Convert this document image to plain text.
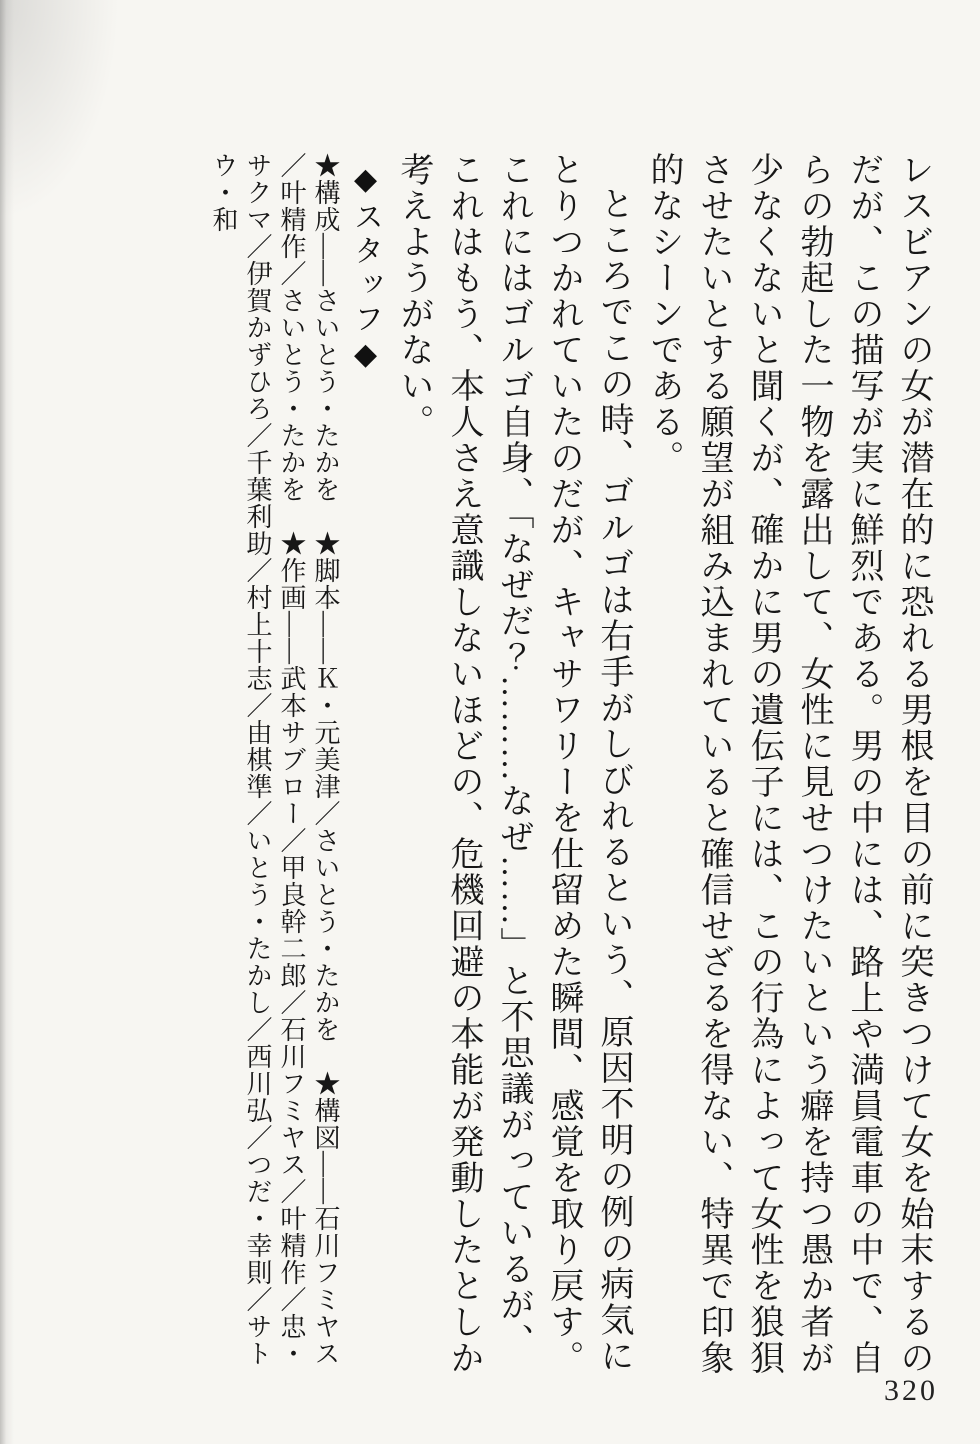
レスビアンの女が潜在的に恐れる男根を目の前に突きつけて女を始末するのだが、この描写が実に鮮烈である。男の中には、路上や満員電車の中で、自らの勃起した一物を露出して、女性に見せつけたいという癖を持つ愚か者が少なくないと聞くが、確かに男の遺伝子には、この行為によって女性を狼狽させたいとする願望が組み込まれていると確信せざるを得ない、特異で印象的なシーンである。

ところでこの時、ゴルゴは右手がしびれるという、原因不明の例の病気にとりつかれていたのだが、キャサワリーを仕留めた瞬間、感覚を取り戻す。これにはゴルゴ自身、「なぜだ？………なぜ……」と不思議がっているが、これはもう、本人さえ意識しないほどの、危機回避の本能が発動したとしか考えようがない。

◆スタッフ◆

★構成——さいとう・たかを　★脚本——Ｋ・元美津／さいとう・たかを　★構図——石川フミヤス／叶精作／さいとう・たかを　★作画——武本サブロー／甲良幹二郎／石川フミヤス／叶精作／忠・サクマ／伊賀かずひろ／千葉利助／村上十志／由棋準／いとう・たかし／西川弘／つだ・幸則／サトウ・和

320
